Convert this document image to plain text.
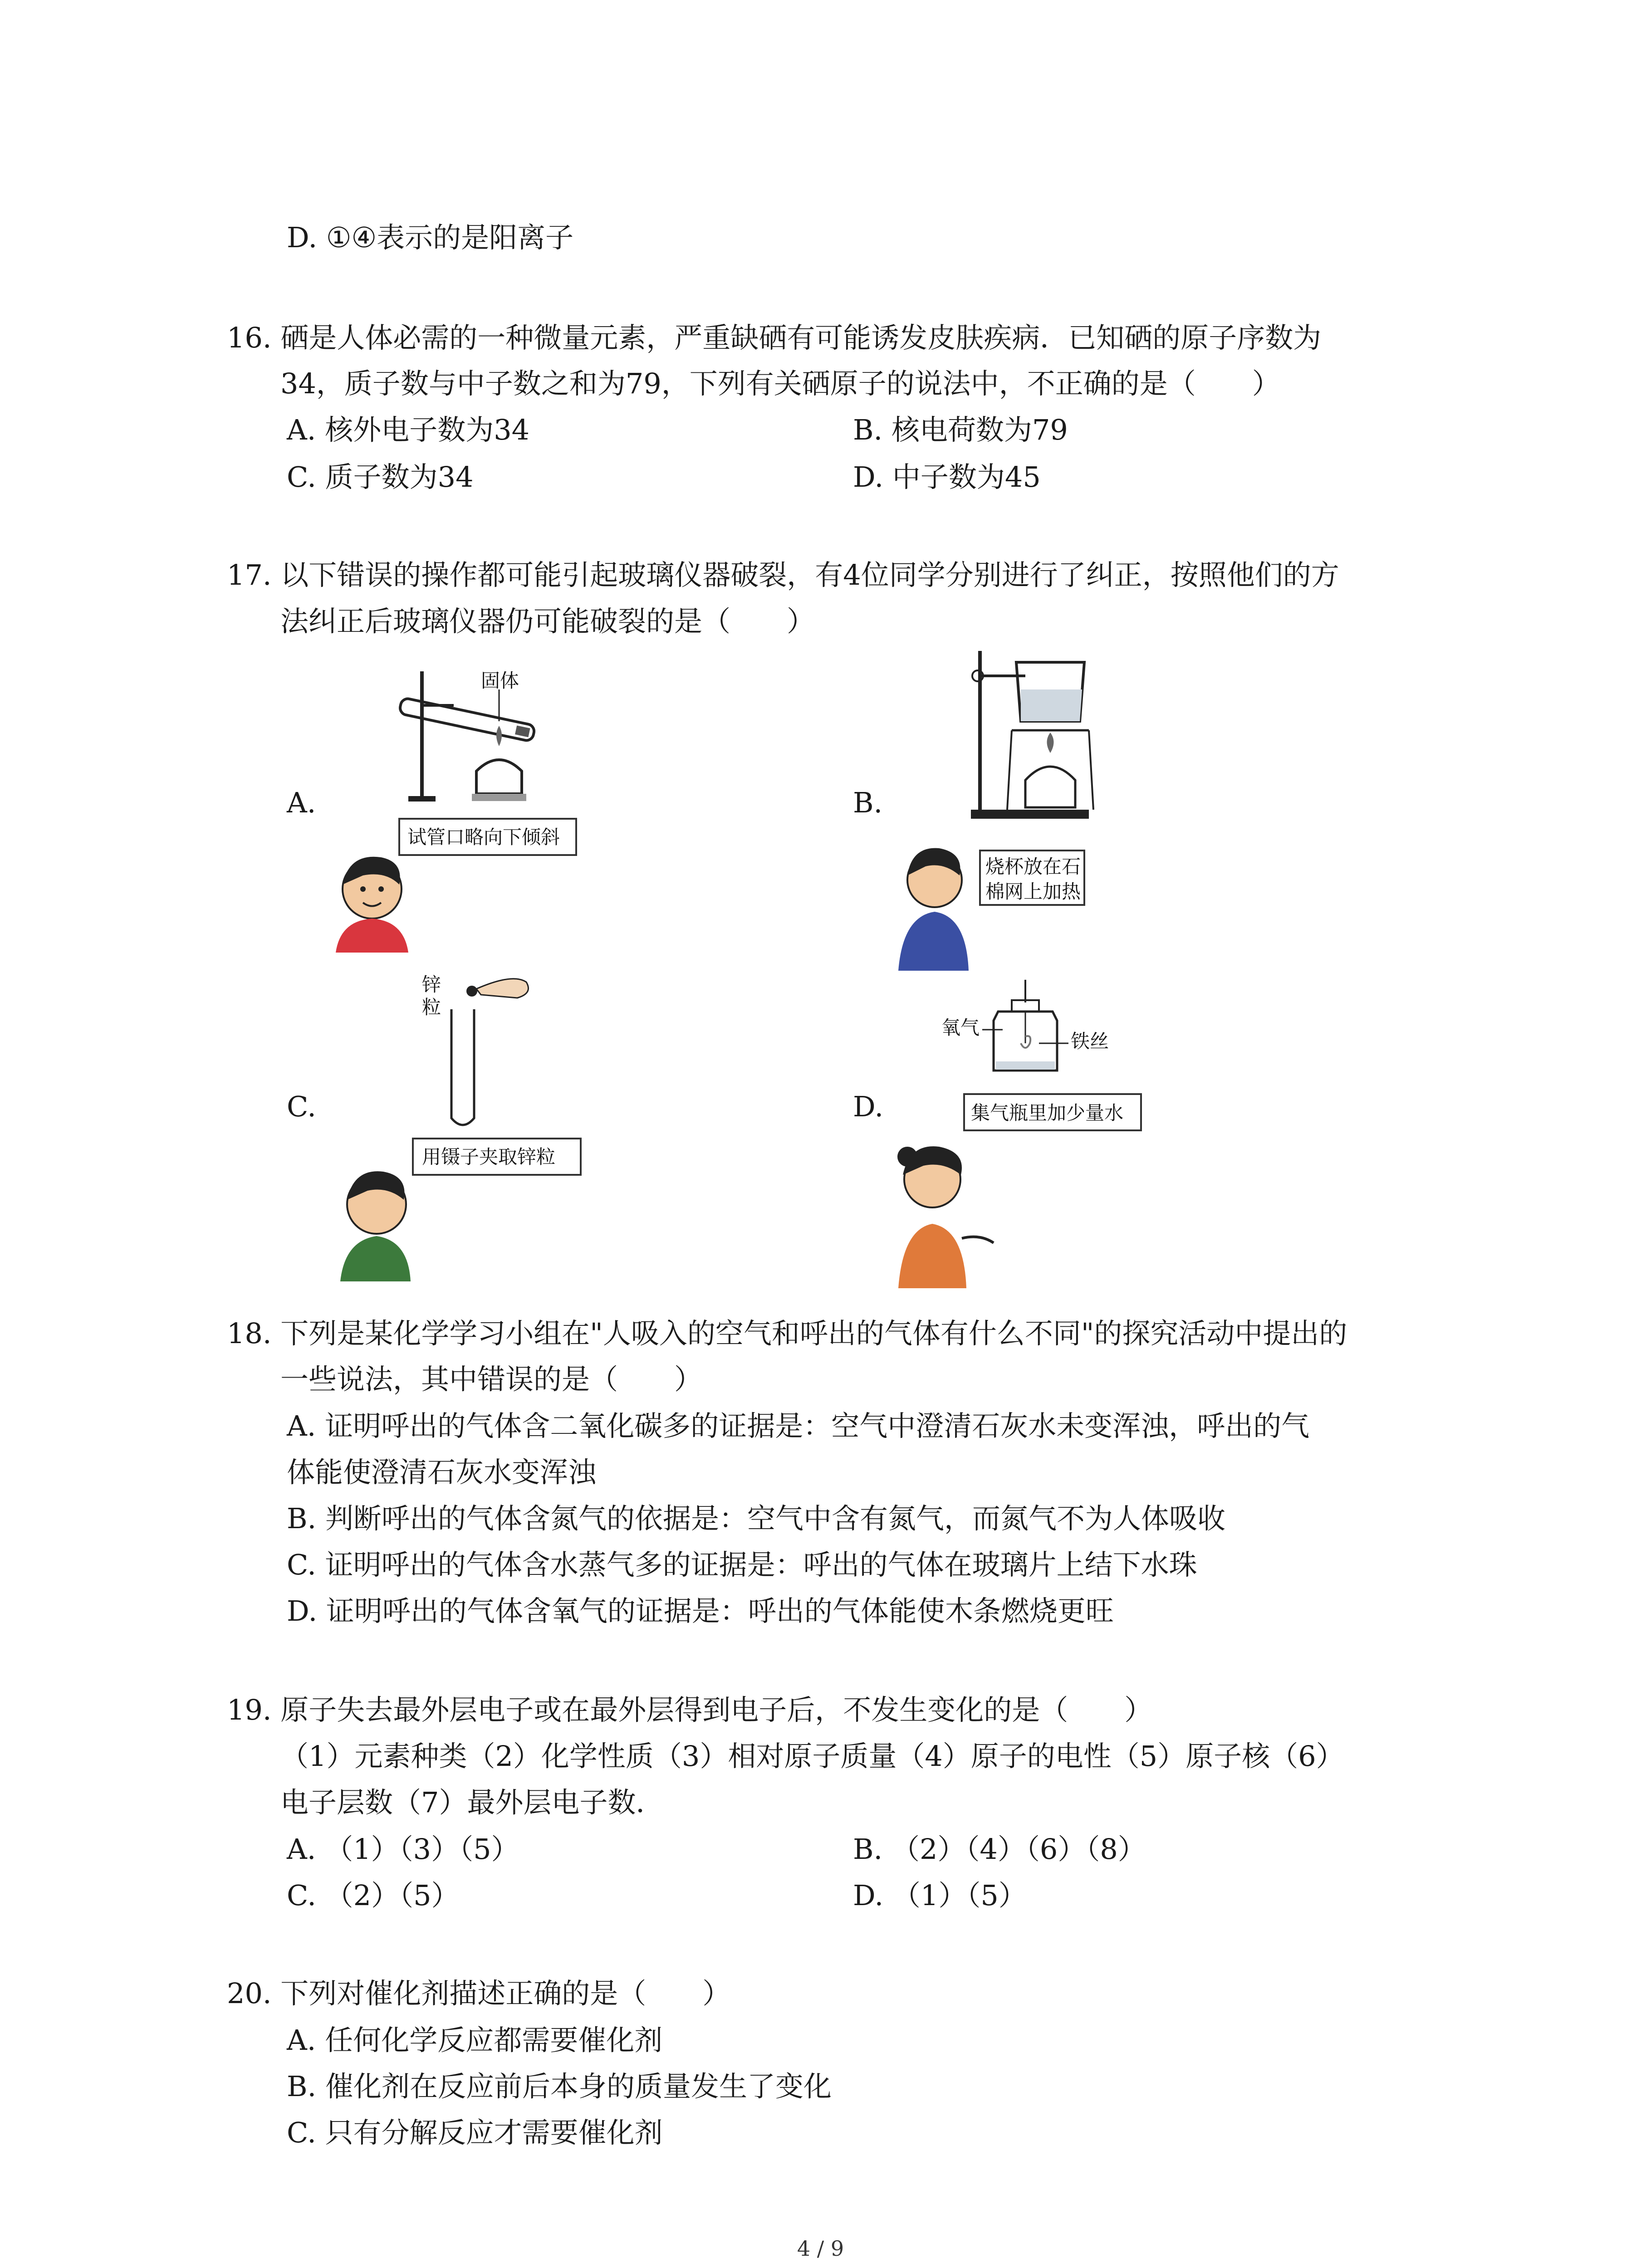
D. ①④表示的是阳离子
16. 硒是人体必需的一种微量元素，严重缺硒有可能诱发皮肤疾病．已知硒的原子序数为
34，质子数与中子数之和为79，下列有关硒原子的说法中，不正确的是（　　）
A. 核外电子数为34	B. 核电荷数为79
C. 质子数为34	D. 中子数为45
17. 以下错误的操作都可能引起玻璃仪器破裂，有4位同学分别进行了纠正，按照他们的方
法纠正后玻璃仪器仍可能破裂的是（　　）
A.	B.
C.	D.
固体
试管口略向下倾斜
烧杯放在石
棉网上加热
锌
粒
用镊子夹取锌粒
氧气
铁丝
集气瓶里加少量水
18. 下列是某化学学习小组在"人吸入的空气和呼出的气体有什么不同"的探究活动中提出的
一些说法，其中错误的是（　　）
A. 证明呼出的气体含二氧化碳多的证据是：空气中澄清石灰水未变浑浊，呼出的气
体能使澄清石灰水变浑浊
B. 判断呼出的气体含氮气的依据是：空气中含有氮气，而氮气不为人体吸收
C. 证明呼出的气体含水蒸气多的证据是：呼出的气体在玻璃片上结下水珠
D. 证明呼出的气体含氧气的证据是：呼出的气体能使木条燃烧更旺
19. 原子失去最外层电子或在最外层得到电子后，不发生变化的是（　　）
（1）元素种类（2）化学性质（3）相对原子质量（4）原子的电性（5）原子核（6）
电子层数（7）最外层电子数．
A. （1）（3）（5）	B. （2）（4）（6）（8）
C. （2）（5）	D. （1）（5）
20. 下列对催化剂描述正确的是（　　）
A. 任何化学反应都需要催化剂
B. 催化剂在反应前后本身的质量发生了变化
C. 只有分解反应才需要催化剂
4 / 9
